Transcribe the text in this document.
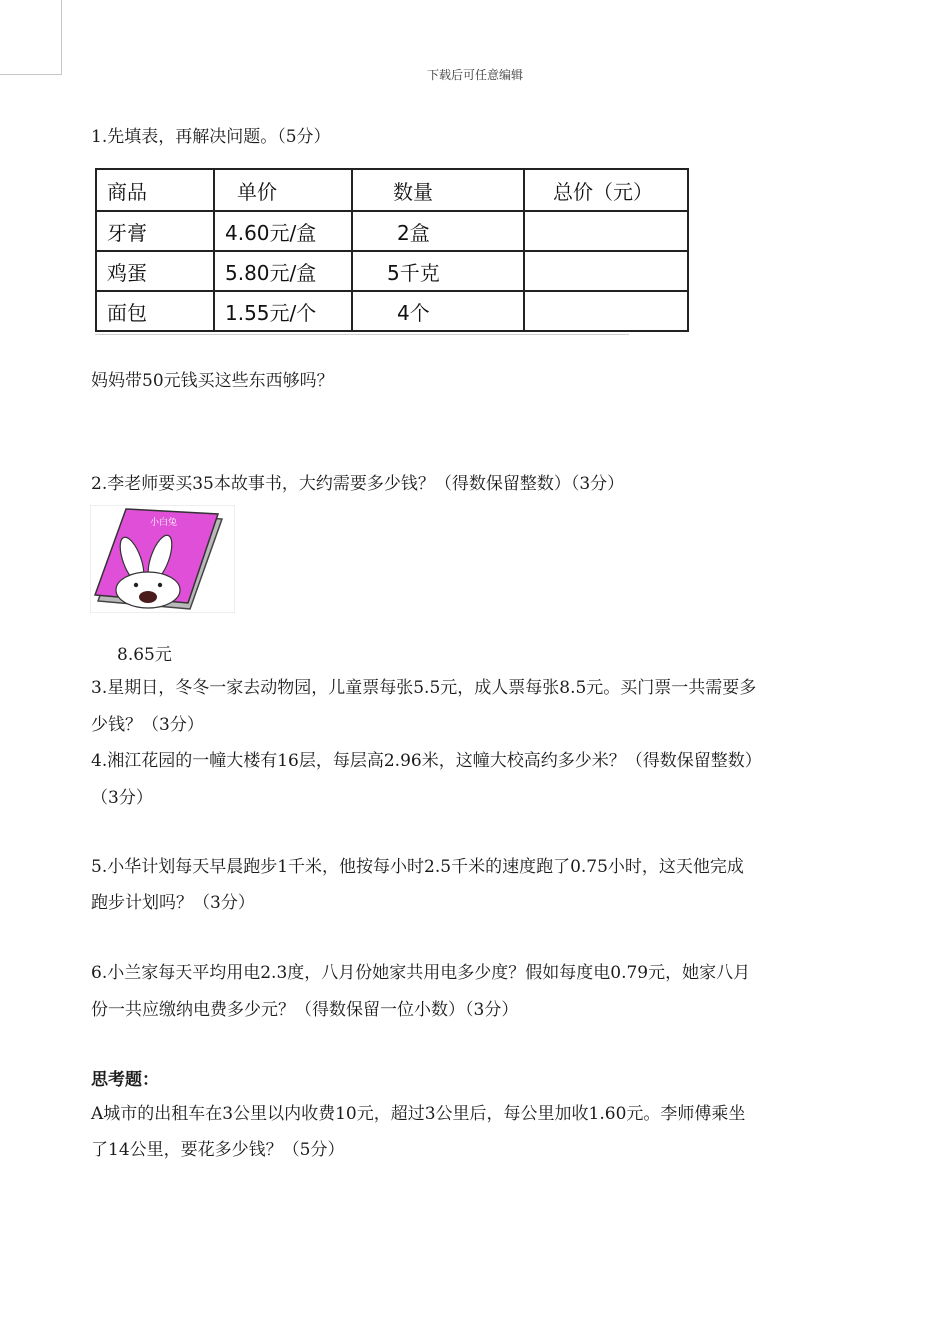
下载后可任意编辑
1.先填表，再解决问题。（5分）
商品	单价	数量	总价（元）
牙膏	4.60元/盒	2盒	
鸡蛋	5.80元/盒	5千克	
面包	1.55元/个	4个	
妈妈带50元钱买这些东西够吗？
2.李老师要买35本故事书，大约需要多少钱？（得数保留整数）（3分）
小白兔
8.65元
3.星期日，冬冬一家去动物园，儿童票每张5.5元，成人票每张8.5元。买门票一共需要多
少钱？（3分）
4.湘江花园的一幢大楼有16层，每层高2.96米，这幢大校高约多少米？（得数保留整数）
（3分）
5.小华计划每天早晨跑步1千米，他按每小时2.5千米的速度跑了0.75小时，这天他完成
跑步计划吗？（3分）
6.小兰家每天平均用电2.3度，八月份她家共用电多少度？假如每度电0.79元，她家八月
份一共应缴纳电费多少元？（得数保留一位小数）（3分）
思考题：
A城市的出租车在3公里以内收费10元，超过3公里后，每公里加收1.60元。李师傅乘坐
了14公里，要花多少钱？（5分）
